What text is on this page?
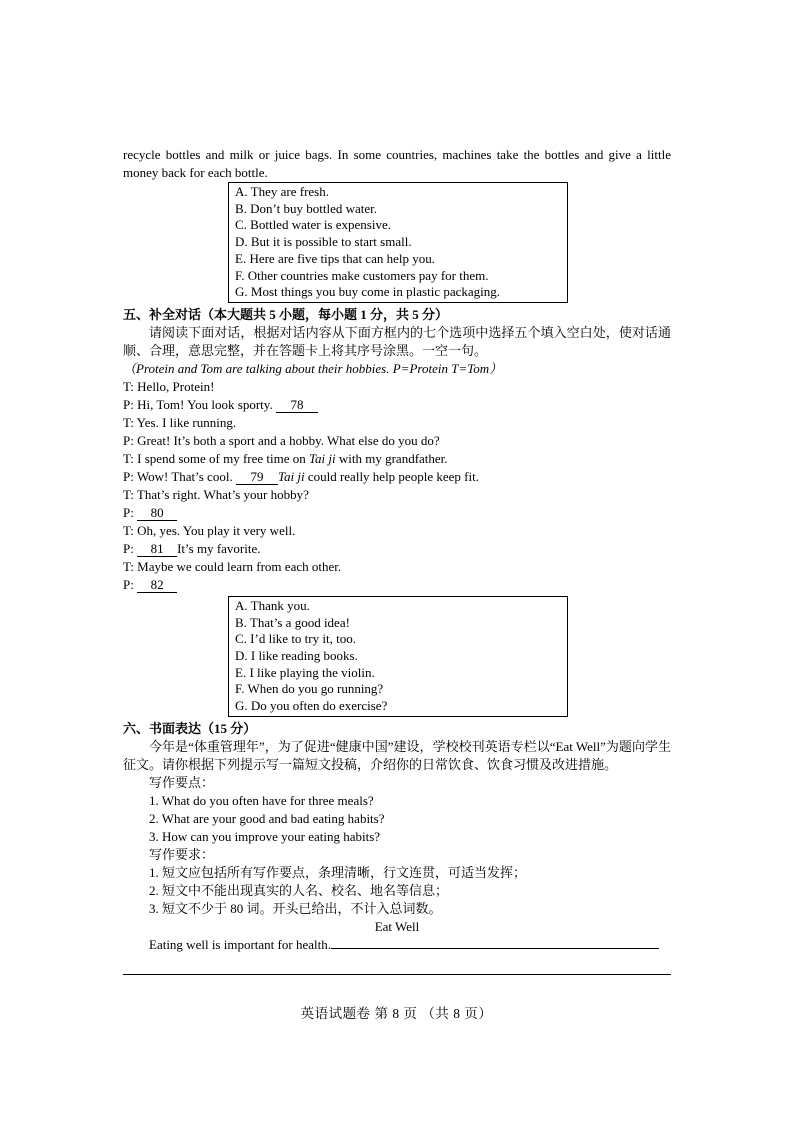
recycle bottles and milk or juice bags. In some countries, machines take the bottles and give a little money back for each bottle.

A. They are fresh.
B. Don’t buy bottled water.
C. Bottled water is expensive.
D. But it is possible to start small.
E. Here are five tips that can help you.
F. Other countries make customers pay for them.
G. Most things you buy come in plastic packaging.
五、补全对话（本大题共 5 小题，每小题 1 分，共 5 分）

请阅读下面对话，根据对话内容从下面方框内的七个选项中选择五个填入空白处，使对话通顺、合理，意思完整，并在答题卡上将其序号涂黑。一空一句。

（Protein and Tom are talking about their hobbies. P=Protein T=Tom）
T: Hello, Protein!
P: Hi, Tom! You look sporty. 78
T: Yes. I like running.
P: Great! It’s both a sport and a hobby. What else do you do?
T: I spend some of my free time on Tai ji with my grandfather.
P: Wow! That’s cool. 79 Tai ji could really help people keep fit.
T: That’s right. What’s your hobby?
P: 80
T: Oh, yes. You play it very well.
P: 81 It’s my favorite.
T: Maybe we could learn from each other.
P: 82
A. Thank you.
B. That’s a good idea!
C. I’d like to try it, too.
D. I like reading books.
E. I like playing the violin.
F. When do you go running?
G. Do you often do exercise?
六、书面表达（15 分）

今年是“体重管理年”，为了促进“健康中国”建设，学校校刊英语专栏以“Eat Well”为题向学生征文。请你根据下列提示写一篇短文投稿，介绍你的日常饮食、饮食习惯及改进措施。

写作要点：
1. What do you often have for three meals?
2. What are your good and bad eating habits?
3. How can you improve your eating habits?
写作要求：
1. 短文应包括所有写作要点，条理清晰，行文连贯，可适当发挥；
2. 短文中不能出现真实的人名、校名、地名等信息；
3. 短文不少于 80 词。开头已给出，不计入总词数。
Eat Well
Eating well is important for health.
英语试题卷 第 8 页 （共 8 页）
